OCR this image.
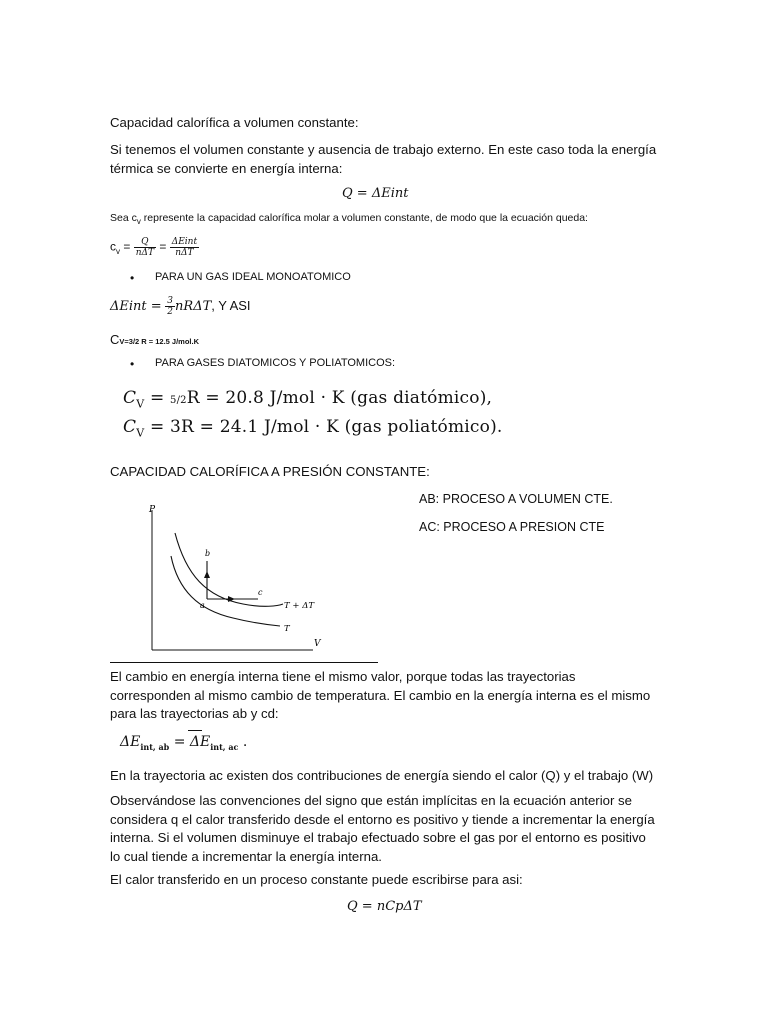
Capacidad calorífica a volumen constante:
Si tenemos el volumen constante y ausencia de trabajo externo. En este caso toda la energía térmica se convierte en energía interna:
Q = ΔEint
Sea $c_v$ represente la capacidad calorífica molar a volumen constante, de modo que la ecuación queda:
$c_v = \frac{Q}{\text{nΔT}} = \frac{\text{ΔEint}}{\text{nΔT}}$
• PARA UN GAS IDEAL MONOATOMICO
ΔEint = $\frac{3}{2} nR\Delta T$, Y ASI
CV=3/2 R = 12.5 J/mol.K
• PARA GASES DIATOMICOS Y POLIATOMICOS:
$C_V = 5/2R = 20.8$ J/mol · K (gas diatómico),
$C_V = 3R = 24.1$ J/mol · K (gas poliatómico).
CAPACIDAD CALORÍFICA A PRESIÓN CONSTANTE:
AB: PROCESO A VOLUMEN CTE.
AC: PROCESO A PRESION CTE
P
V
a
b
c
T + ΔT
T
El cambio en energía interna tiene el mismo valor, porque todas las trayectorias corresponden al mismo cambio de temperatura. El cambio en la energía interna es el mismo para las trayectorias ab y cd:
$\Delta E_{int, ab} = \Delta E_{int, ac}$ .
En la trayectoria ac existen dos contribuciones de energía siendo el calor (Q) y el trabajo (W)
Observándose las convenciones del signo que están implícitas en la ecuación anterior se considera q el calor transferido desde el entorno es positivo y tiende a incrementar la energía interna. Si el volumen disminuye el trabajo efectuado sobre el gas por el entorno es positivo lo cual tiende a incrementar la energía interna.
El calor transferido en un proceso constante puede escribirse para asi:
Q = nCpΔT
